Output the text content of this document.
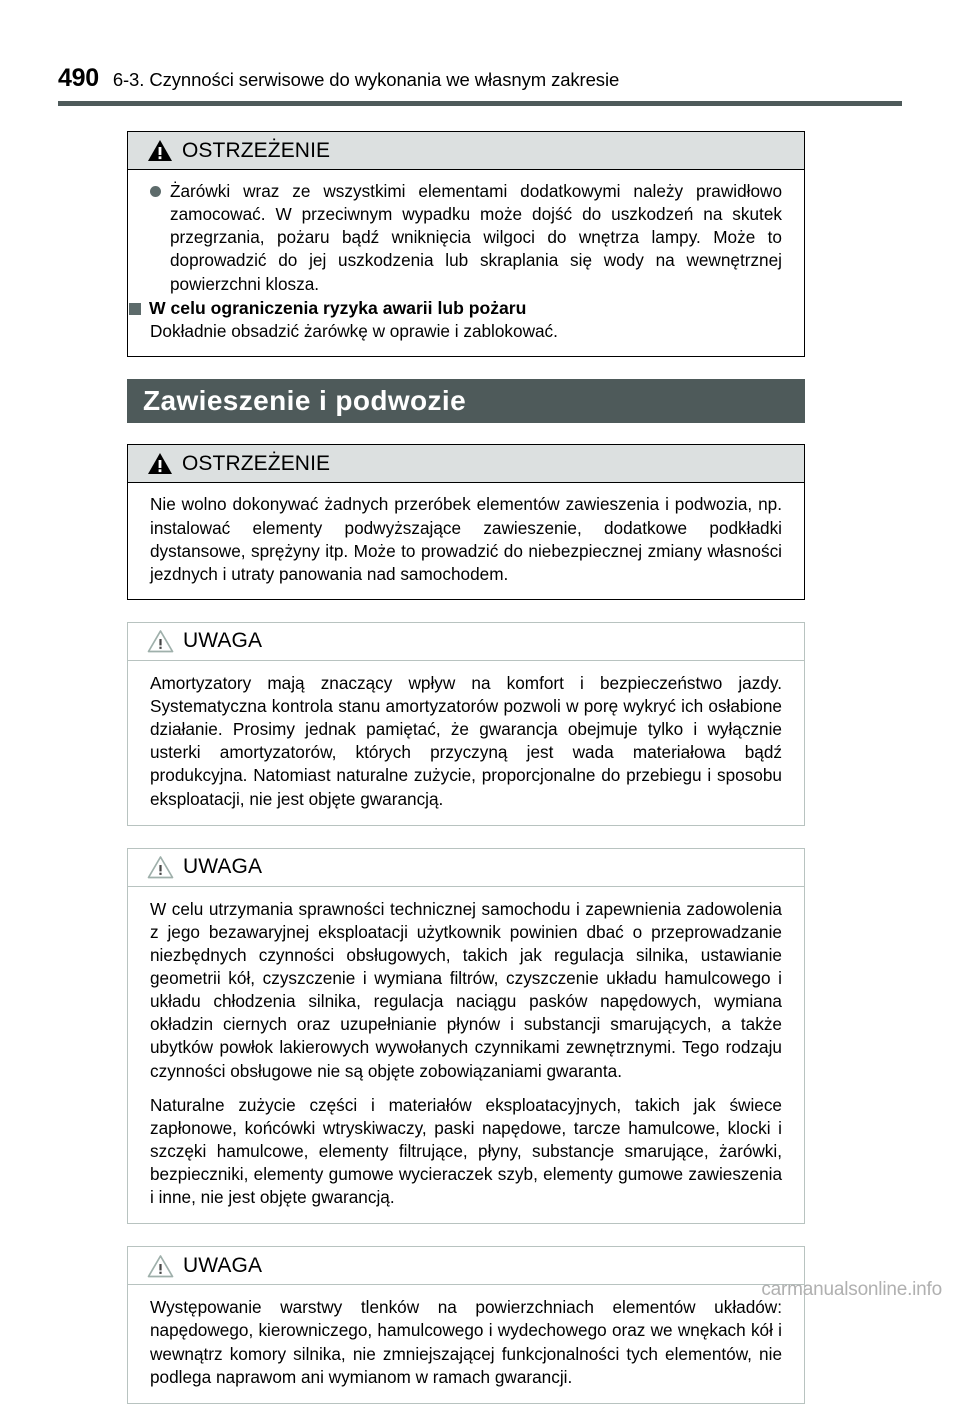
490 6-3. Czynności serwisowe do wykonania we własnym zakresie
OSTRZEŻENIE
Żarówki wraz ze wszystkimi elementami dodatkowymi należy prawidłowo zamocować. W przeciwnym wypadku może dojść do uszkodzeń na skutek przegrzania, pożaru bądź wniknięcia wilgoci do wnętrza lampy. Może to doprowadzić do jej uszkodzenia lub skraplania się wody na wewnętrznej powierzchni klosza.
W celu ograniczenia ryzyka awarii lub pożaru

Dokładnie obsadzić żarówkę w oprawie i zablokować.

Zawieszenie i podwozie
OSTRZEŻENIE

Nie wolno dokonywać żadnych przeróbek elementów zawieszenia i podwozia, np. instalować elementy podwyższające zawieszenie, dodatkowe podkładki dystansowe, sprężyny itp. Może to prowadzić do niebezpiecznej zmiany własności jezdnych i utraty panowania nad samochodem.

UWAGA

Amortyzatory mają znaczący wpływ na komfort i bezpieczeństwo jazdy. Systematyczna kontrola stanu amortyzatorów pozwoli w porę wykryć ich osłabione działanie. Prosimy jednak pamiętać, że gwarancja obejmuje tylko i wyłącznie usterki amortyzatorów, których przyczyną jest wada materiałowa bądź produkcyjna. Natomiast naturalne zużycie, proporcjonalne do przebiegu i sposobu eksploatacji, nie jest objęte gwarancją.

UWAGA

W celu utrzymania sprawności technicznej samochodu i zapewnienia zadowolenia z jego bezawaryjnej eksploatacji użytkownik powinien dbać o przeprowadzanie niezbędnych czynności obsługowych, takich jak regulacja silnika, ustawianie geometrii kół, czyszczenie i wymiana filtrów, czyszczenie układu hamulcowego i układu chłodzenia silnika, regulacja naciągu pasków napędowych, wymiana okładzin ciernych oraz uzupełnianie płynów i substancji smarujących, a także ubytków powłok lakierowych wywołanych czynnikami zewnętrznymi. Tego rodzaju czynności obsługowe nie są objęte zobowiązaniami gwaranta.

Naturalne zużycie części i materiałów eksploatacyjnych, takich jak świece zapłonowe, końcówki wtryskiwaczy, paski napędowe, tarcze hamulcowe, klocki i szczęki hamulcowe, elementy filtrujące, płyny, substancje smarujące, żarówki, bezpieczniki, elementy gumowe wycieraczek szyb, elementy gumowe zawieszenia i inne, nie jest objęte gwarancją.

UWAGA

Występowanie warstwy tlenków na powierzchniach elementów układów: napędowego, kierowniczego, hamulcowego i wydechowego oraz we wnękach kół i wewnątrz komory silnika, nie zmniejszającej funkcjonalności tych elementów, nie podlega naprawom ani wymianom w ramach gwarancji.

carmanualsonline.info
